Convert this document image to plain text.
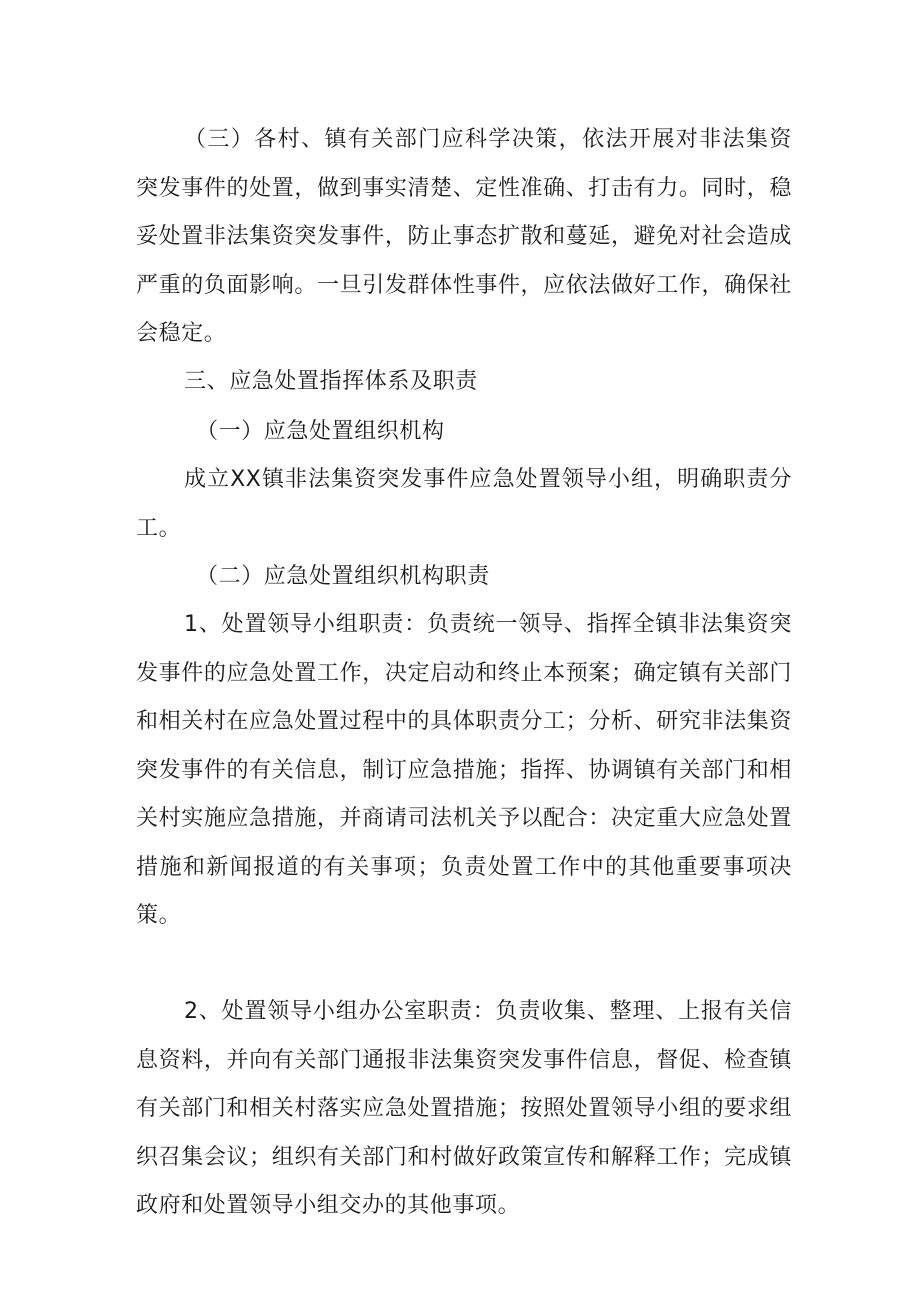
（三）各村、镇有关部门应科学决策，依法开展对非法集资突发事件的处置，做到事实清楚、定性准确、打击有力。同时，稳妥处置非法集资突发事件，防止事态扩散和蔓延，避免对社会造成严重的负面影响。一旦引发群体性事件，应依法做好工作，确保社会稳定。

三、应急处置指挥体系及职责

（一）应急处置组织机构

成立XX镇非法集资突发事件应急处置领导小组，明确职责分工。

（二）应急处置组织机构职责

1、处置领导小组职责：负责统一领导、指挥全镇非法集资突发事件的应急处置工作，决定启动和终止本预案；确定镇有关部门和相关村在应急处置过程中的具体职责分工；分析、研究非法集资突发事件的有关信息，制订应急措施；指挥、协调镇有关部门和相关村实施应急措施，并商请司法机关予以配合：决定重大应急处置措施和新闻报道的有关事项；负责处置工作中的其他重要事项决策。

2、处置领导小组办公室职责：负责收集、整理、上报有关信息资料，并向有关部门通报非法集资突发事件信息，督促、检查镇有关部门和相关村落实应急处置措施；按照处置领导小组的要求组织召集会议；组织有关部门和村做好政策宣传和解释工作；完成镇政府和处置领导小组交办的其他事项。
